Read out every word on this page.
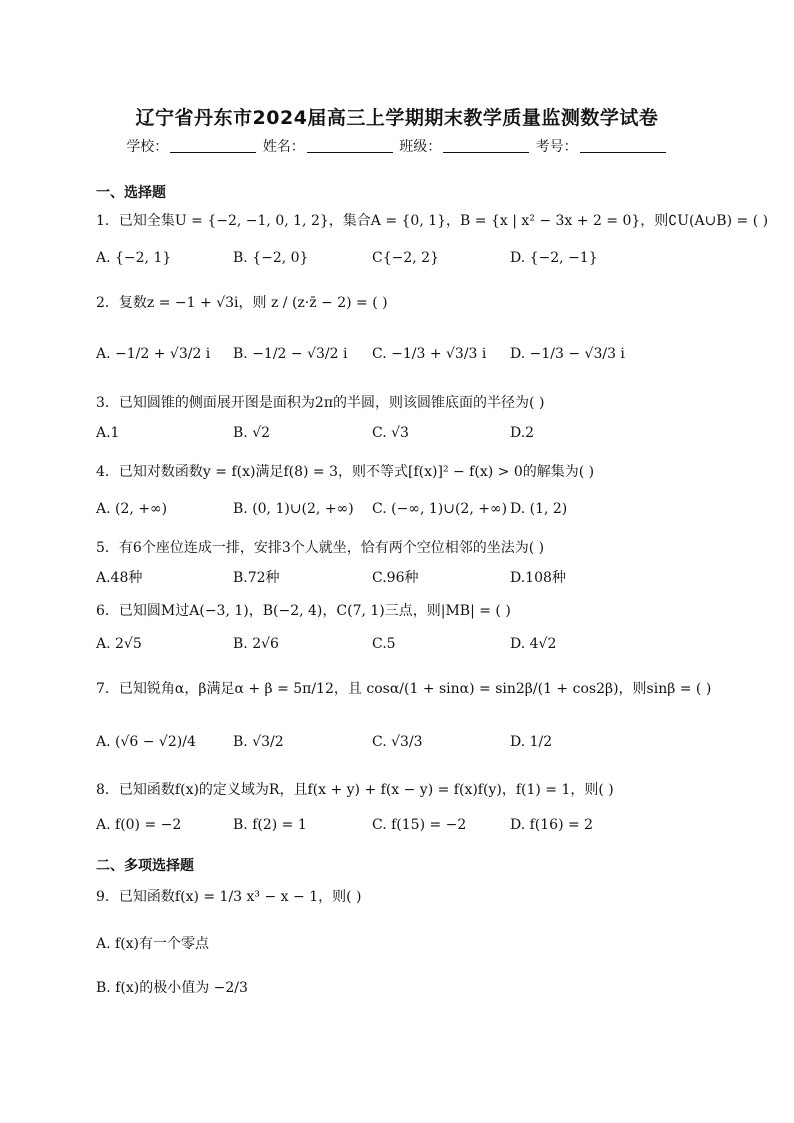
辽宁省丹东市2024届高三上学期期末教学质量监测数学试卷
学校：	姓名：	班级：	考号：
一、选择题
1．已知全集U = {−2, −1, 0, 1, 2}，集合A = {0, 1}，B = {x | x² − 3x + 2 = 0}，则∁U(A∪B) = ( )
A. {−2, 1}	B. {−2, 0}	C{−2, 2}	D. {−2, −1}
2．复数z = −1 + √3i，则 z / (z·z̄ − 2) = ( )
A. −1/2 + √3/2 i B. −1/2 − √3/2 i C. −1/3 + √3/3 i D. −1/3 − √3/3 i
3．已知圆锥的侧面展开图是面积为2π的半圆，则该圆锥底面的半径为( )
A.1	B. √2	C. √3	D.2
4．已知对数函数y = f(x)满足f(8) = 3，则不等式[f(x)]² − f(x) > 0的解集为( )
A. (2, +∞)	B. (0, 1)∪(2, +∞) C. (−∞, 1)∪(2, +∞) D. (1, 2)
5．有6个座位连成一排，安排3个人就坐，恰有两个空位相邻的坐法为( )
A.48种	B.72种	C.96种	D.108种
6．已知圆M过A(−3, 1)，B(−2, 4)，C(7, 1)三点，则|MB| = ( )
A. 2√5	B. 2√6	C.5	D. 4√2
7．已知锐角α，β满足α + β = 5π/12，且 cosα/(1 + sinα) = sin2β/(1 + cos2β)，则sinβ = ( )
A. (√6 − √2)/4	B. √3/2	C. √3/3	D. 1/2
8．已知函数f(x)的定义域为R，且f(x + y) + f(x − y) = f(x)f(y)，f(1) = 1，则( )
A. f(0) = −2	B. f(2) = 1	C. f(15) = −2	D. f(16) = 2
二、多项选择题
9．已知函数f(x) = 1/3 x³ − x − 1，则( )
A. f(x)有一个零点
B. f(x)的极小值为 −2/3
